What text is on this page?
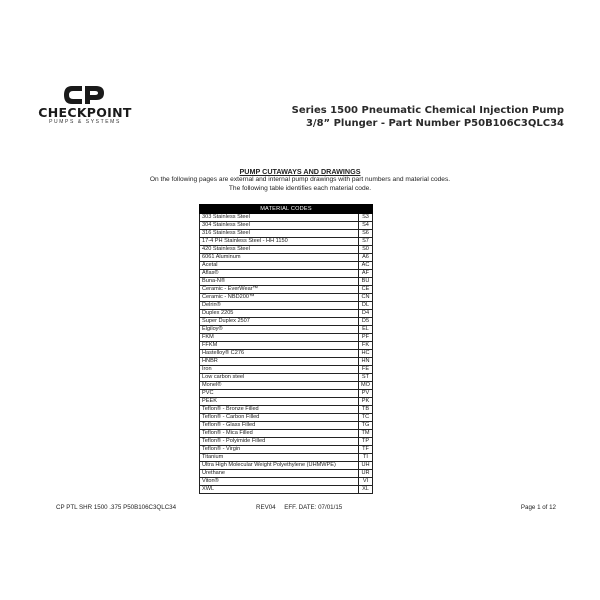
CHECKPOINT
PUMPS & SYSTEMS
Series 1500 Pneumatic Chemical Injection Pump
3/8” Plunger - Part Number P50B106C3QLC34
PUMP CUTAWAYS AND DRAWINGS
On the following pages are external and internal pump drawings with part numbers and material codes.
The following table identifies each material code.
MATERIAL CODES	
303 Stainless Steel	S3
304 Stainless Steel	S4
316 Stainless Steel	S6
17-4 PH Stainless Steel - HH 1150	S7
420 Stainless Steel	S0
6061 Aluminum	A6
Acetal	AC
Aflas®	AF
Buna-N®	BU
Ceramic - EverWear™	CE
Ceramic - NBD200™	CN
Delrin®	DL
Duplex 2205	D4
Super Duplex 2507	D5
Elgiloy®	EL
FKM	PF
FFKM	FK
Hastelloy® C276	HC
HNBR	HN
Iron	FE
Low carbon steel	ST
Monel®	MO
PVC	PV
PEEK	PK
Teflon® - Bronze Filled	TB
Teflon® - Carbon Filled	TC
Teflon® - Glass Filled	TG
Teflon® - Mica Filled	TM
Teflon® - Polyimide Filled	TP
Teflon® - Virgin	TF
Titanium	TI
Ultra High Molecular Weight Polyethylene (UHMWPE)	UH
Urethane	UR
Viton®	VI
XWL	XL
CP PTL SHR 1500 .375 P50B106C3QLC34	REV04     EFF. DATE: 07/01/15	Page 1 of 12
